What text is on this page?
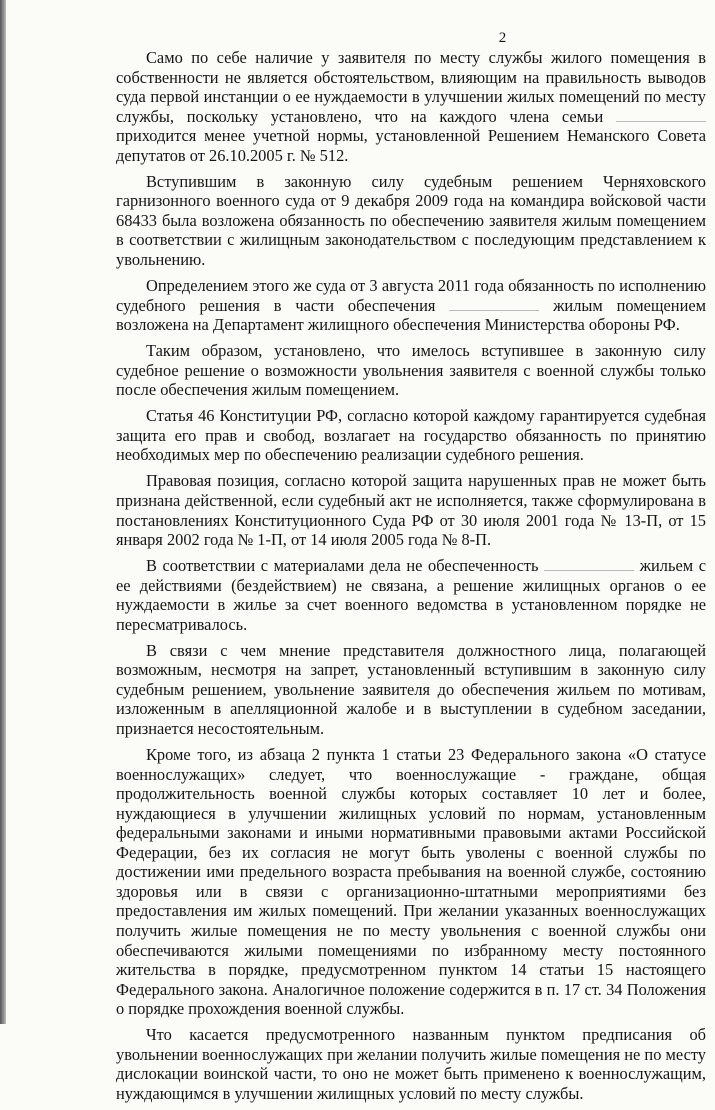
2

Само по себе наличие у заявителя по месту службы жилого помещения в собственности не является обстоятельством, влияющим на правильность выводов суда первой инстанции о ее нуждаемости в улучшении жилых помещений по месту службы, поскольку установлено, что на каждого члена семьи  приходится менее учетной нормы, установленной Решением Неманского Совета депутатов от 26.10.2005 г. № 512.

Вступившим в законную силу судебным решением Черняховского гарнизонного военного суда от 9 декабря 2009 года на командира войсковой части 68433 была возложена обязанность по обеспечению заявителя жилым помещением в соответствии с жилищным законодательством с последующим представлением к увольнению.

Определением этого же суда от 3 августа 2011 года обязанность по исполнению судебного решения в части обеспечения	жилым помещением возложена на Департамент жилищного обеспечения Министерства обороны РФ.

Таким образом, установлено, что имелось вступившее в законную силу судебное решение о возможности увольнения заявителя с военной службы только после обеспечения жилым помещением.

Статья 46 Конституции РФ, согласно которой каждому гарантируется судебная защита его прав и свобод, возлагает на государство обязанность по принятию необходимых мер по обеспечению реализации судебного решения.

Правовая позиция, согласно которой защита нарушенных прав не может быть признана действенной, если судебный акт не исполняется, также сформулирована в постановлениях Конституционного Суда РФ от 30 июля 2001 года № 13-П, от 15 января 2002 года № 1-П, от 14 июля 2005 года № 8-П.

В соответствии с материалами дела не обеспеченность	жильем с ее действиями (бездействием) не связана, а решение жилищных органов о ее нуждаемости в жилье за счет военного ведомства в установленном порядке не пересматривалось.

В связи с чем мнение представителя должностного лица, полагающей возможным, несмотря на запрет, установленный вступившим в законную силу судебным решением, увольнение заявителя до обеспечения жильем по мотивам, изложенным в апелляционной жалобе и в выступлении в судебном заседании, признается несостоятельным.

Кроме того, из абзаца 2 пункта 1 статьи 23 Федерального закона «О статусе военнослужащих» следует, что военнослужащие - граждане, общая продолжительность военной службы которых составляет 10 лет и более, нуждающиеся в улучшении жилищных условий по нормам, установленным федеральными законами и иными нормативными правовыми актами Российской Федерации, без их согласия не могут быть уволены с военной службы по достижении ими предельного возраста пребывания на военной службе, состоянию здоровья или в связи с организационно-штатными мероприятиями без предоставления им жилых помещений. При желании указанных военнослужащих получить жилые помещения не по месту увольнения с военной службы они обеспечиваются жилыми помещениями по избранному месту постоянного жительства в порядке, предусмотренном пунктом 14 статьи 15 настоящего Федерального закона. Аналогичное положение содержится в п. 17 ст. 34 Положения о порядке прохождения военной службы.

Что касается предусмотренного названным пунктом предписания об увольнении военнослужащих при желании получить жилые помещения не по месту дислокации воинской части, то оно не может быть применено к военнослужащим, нуждающимся в улучшении жилищных условий по месту службы.
